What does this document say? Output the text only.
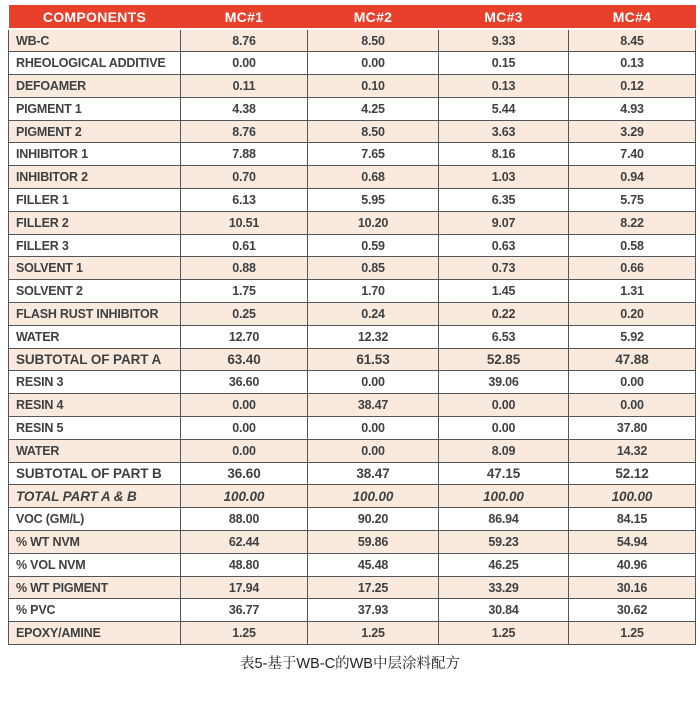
COMPONENTS	MC#1	MC#2	MC#3	MC#4
WB-C	8.76	8.50	9.33	8.45
RHEOLOGICAL ADDITIVE	0.00	0.00	0.15	0.13
DEFOAMER	0.11	0.10	0.13	0.12
PIGMENT 1	4.38	4.25	5.44	4.93
PIGMENT 2	8.76	8.50	3.63	3.29
INHIBITOR 1	7.88	7.65	8.16	7.40
INHIBITOR 2	0.70	0.68	1.03	0.94
FILLER 1	6.13	5.95	6.35	5.75
FILLER 2	10.51	10.20	9.07	8.22
FILLER 3	0.61	0.59	0.63	0.58
SOLVENT 1	0.88	0.85	0.73	0.66
SOLVENT 2	1.75	1.70	1.45	1.31
FLASH RUST INHIBITOR	0.25	0.24	0.22	0.20
WATER	12.70	12.32	6.53	5.92
SUBTOTAL OF PART A	63.40	61.53	52.85	47.88
RESIN 3	36.60	0.00	39.06	0.00
RESIN 4	0.00	38.47	0.00	0.00
RESIN 5	0.00	0.00	0.00	37.80
WATER	0.00	0.00	8.09	14.32
SUBTOTAL OF PART B	36.60	38.47	47.15	52.12
TOTAL PART A & B	100.00	100.00	100.00	100.00
VOC (GM/L)	88.00	90.20	86.94	84.15
% WT NVM	62.44	59.86	59.23	54.94
% VOL NVM	48.80	45.48	46.25	40.96
% WT PIGMENT	17.94	17.25	33.29	30.16
% PVC	36.77	37.93	30.84	30.62
EPOXY/AMINE	1.25	1.25	1.25	1.25
表5-基于WB-C的WB中层涂料配方
